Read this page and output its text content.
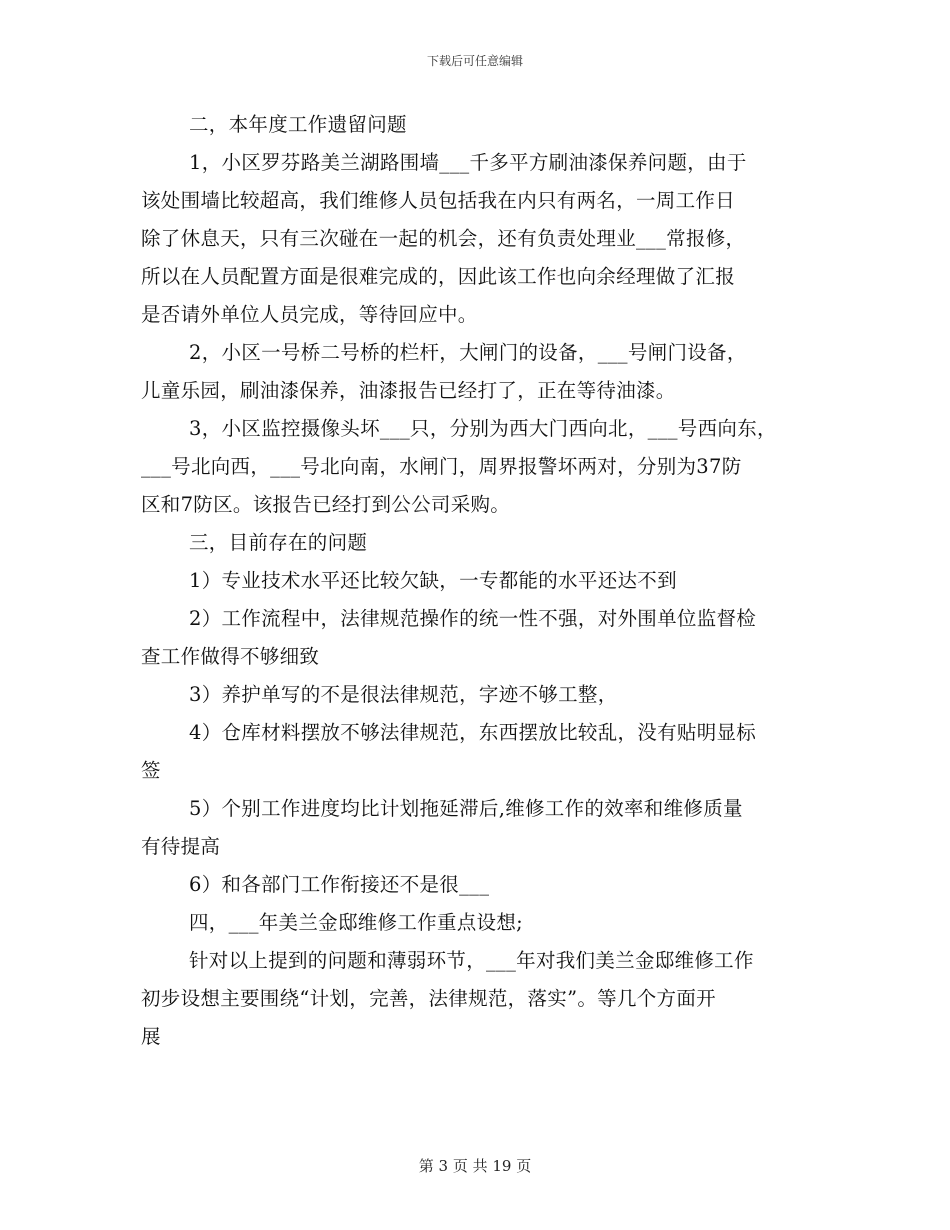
下载后可任意编辑
二，本年度工作遗留问题
1，小区罗芬路美兰湖路围墙___千多平方刷油漆保养问题，由于
该处围墙比较超高，我们维修人员包括我在内只有两名，一周工作日
除了休息天，只有三次碰在一起的机会，还有负责处理业___常报修，
所以在人员配置方面是很难完成的，因此该工作也向余经理做了汇报
是否请外单位人员完成，等待回应中。
2，小区一号桥二号桥的栏杆，大闸门的设备，___号闸门设备，
儿童乐园，刷油漆保养，油漆报告已经打了，正在等待油漆。
3，小区监控摄像头坏___只，分别为西大门西向北，___号西向东，
___号北向西，___号北向南，水闸门，周界报警坏两对，分别为37防
区和7防区。该报告已经打到公公司采购。
三，目前存在的问题
1）专业技术水平还比较欠缺，一专都能的水平还达不到
2）工作流程中，法律规范操作的统一性不强，对外围单位监督检
查工作做得不够细致
3）养护单写的不是很法律规范，字迹不够工整，
4）仓库材料摆放不够法律规范，东西摆放比较乱，没有贴明显标
签
5）个别工作进度均比计划拖延滞后,维修工作的效率和维修质量
有待提高
6）和各部门工作衔接还不是很___
四，___年美兰金邸维修工作重点设想;
针对以上提到的问题和薄弱环节，___年对我们美兰金邸维修工作
初步设想主要围绕“计划，完善，法律规范，落实”。等几个方面开
展
第 3 页 共 19 页
